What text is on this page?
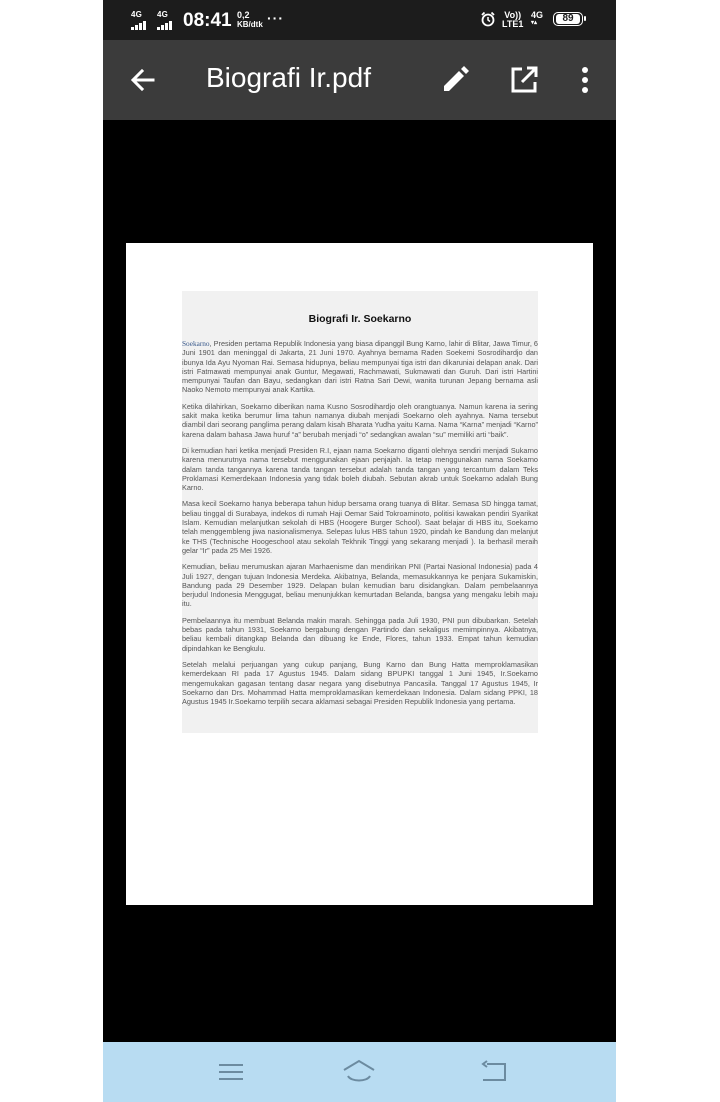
4G 4G 08:41 0,2
KB/dtk ···	Vo))
LTE1
4G
▾▴	89
Biografi Ir.pdf
Biografi Ir. Soekarno

Soekarno, Presiden pertama Republik Indonesia yang biasa dipanggil Bung Karno, lahir di Blitar, Jawa Timur, 6 Juni 1901 dan meninggal di Jakarta, 21 Juni 1970. Ayahnya bernama Raden Soekemi Sosrodihardjo dan ibunya Ida Ayu Nyoman Rai. Semasa hidupnya, beliau mempunyai tiga istri dan dikaruniai delapan anak. Dari istri Fatmawati mempunyai anak Guntur, Megawati, Rachmawati, Sukmawati dan Guruh. Dari istri Hartini mempunyai Taufan dan Bayu, sedangkan dari istri Ratna Sari Dewi, wanita turunan Jepang bernama asli Naoko Nemoto mempunyai anak Kartika.

Ketika dilahirkan, Soekarno diberikan nama Kusno Sosrodihardjo oleh orangtuanya. Namun karena ia sering sakit maka ketika berumur lima tahun namanya diubah menjadi Soekarno oleh ayahnya. Nama tersebut diambil dari seorang panglima perang dalam kisah Bharata Yudha yaitu Karna. Nama “Karna” menjadi “Karno” karena dalam bahasa Jawa huruf “a” berubah menjadi “o” sedangkan awalan “su” memiliki arti “baik”.

Di kemudian hari ketika menjadi Presiden R.I, ejaan nama Soekarno diganti olehnya sendiri menjadi Sukarno karena menurutnya nama tersebut menggunakan ejaan penjajah. Ia tetap menggunakan nama Soekarno dalam tanda tangannya karena tanda tangan tersebut adalah tanda tangan yang tercantum dalam Teks Proklamasi Kemerdekaan Indonesia yang tidak boleh diubah. Sebutan akrab untuk Soekarno adalah Bung Karno.

Masa kecil Soekarno hanya beberapa tahun hidup bersama orang tuanya di Blitar. Semasa SD hingga tamat, beliau tinggal di Surabaya, indekos di rumah Haji Oemar Said Tokroaminoto, politisi kawakan pendiri Syarikat Islam. Kemudian melanjutkan sekolah di HBS (Hoogere Burger School). Saat belajar di HBS itu, Soekarno telah menggembleng jiwa nasionalismenya. Selepas lulus HBS tahun 1920, pindah ke Bandung dan melanjut ke THS (Technische Hoogeschool atau sekolah Tekhnik Tinggi yang sekarang menjadi ). Ia berhasil meraih gelar “Ir” pada 25 Mei 1926.

Kemudian, beliau merumuskan ajaran Marhaenisme dan mendirikan PNI (Partai Nasional Indonesia) pada 4 Juli 1927, dengan tujuan Indonesia Merdeka. Akibatnya, Belanda, memasukkannya ke penjara Sukamiskin, Bandung pada 29 Desember 1929. Delapan bulan kemudian baru disidangkan. Dalam pembelaannya berjudul Indonesia Menggugat, beliau menunjukkan kemurtadan Belanda, bangsa yang mengaku lebih maju itu.

Pembelaannya itu membuat Belanda makin marah. Sehingga pada Juli 1930, PNI pun dibubarkan. Setelah bebas pada tahun 1931, Soekarno bergabung dengan Partindo dan sekaligus memimpinnya. Akibatnya, beliau kembali ditangkap Belanda dan dibuang ke Ende, Flores, tahun 1933. Empat tahun kemudian dipindahkan ke Bengkulu.

Setelah melalui perjuangan yang cukup panjang, Bung Karno dan Bung Hatta memproklamasikan kemerdekaan RI pada 17 Agustus 1945. Dalam sidang BPUPKI tanggal 1 Juni 1945, Ir.Soekarno mengemukakan gagasan tentang dasar negara yang disebutnya Pancasila. Tanggal 17 Agustus 1945, Ir Soekarno dan Drs. Mohammad Hatta memproklamasikan kemerdekaan Indonesia. Dalam sidang PPKI, 18 Agustus 1945 Ir.Soekarno terpilih secara aklamasi sebagai Presiden Republik Indonesia yang pertama.
